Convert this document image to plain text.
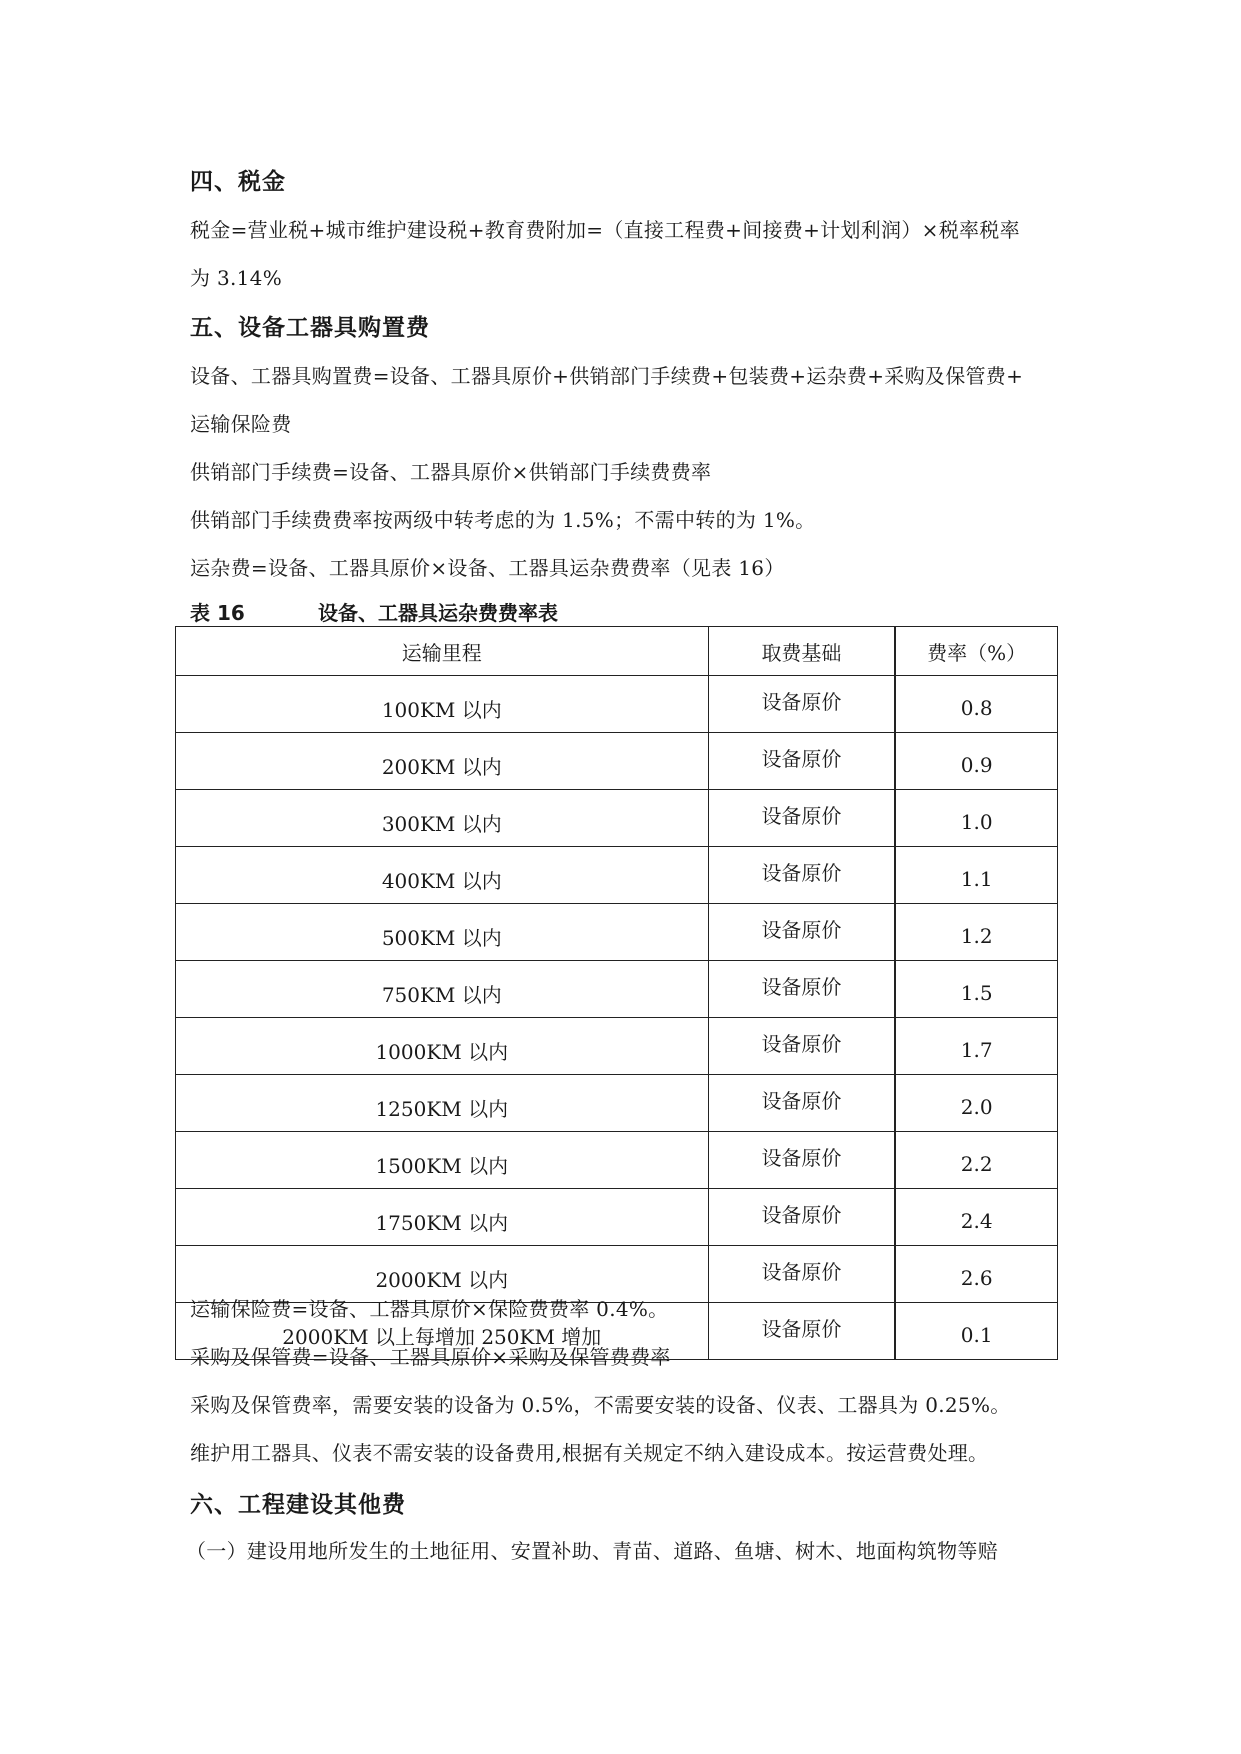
四、税金
税金=营业税+城市维护建设税+教育费附加=（直接工程费+间接费+计划利润）×税率税率
为 3.14%
五、设备工器具购置费
设备、工器具购置费=设备、工器具原价+供销部门手续费+包装费+运杂费+采购及保管费+
运输保险费
供销部门手续费=设备、工器具原价×供销部门手续费费率
供销部门手续费费率按两级中转考虑的为 1.5%；不需中转的为 1%。
运杂费=设备、工器具原价×设备、工器具运杂费费率（见表 16）
表 16	设备、工器具运杂费费率表
运输里程	取费基础	费率（%）
100KM 以内	设备原价	0.8
200KM 以内	设备原价	0.9
300KM 以内	设备原价	1.0
400KM 以内	设备原价	1.1
500KM 以内	设备原价	1.2
750KM 以内	设备原价	1.5
1000KM 以内	设备原价	1.7
1250KM 以内	设备原价	2.0
1500KM 以内	设备原价	2.2
1750KM 以内	设备原价	2.4
2000KM 以内	设备原价	2.6
2000KM 以上每增加 250KM 增加	设备原价	0.1
运输保险费=设备、工器具原价×保险费费率 0.4%。
采购及保管费=设备、工器具原价×采购及保管费费率
采购及保管费率，需要安装的设备为 0.5%，不需要安装的设备、仪表、工器具为 0.25%。
维护用工器具、仪表不需安装的设备费用,根据有关规定不纳入建设成本。按运营费处理。
六、工程建设其他费
（一）建设用地所发生的土地征用、安置补助、青苗、道路、鱼塘、树木、地面构筑物等赔
